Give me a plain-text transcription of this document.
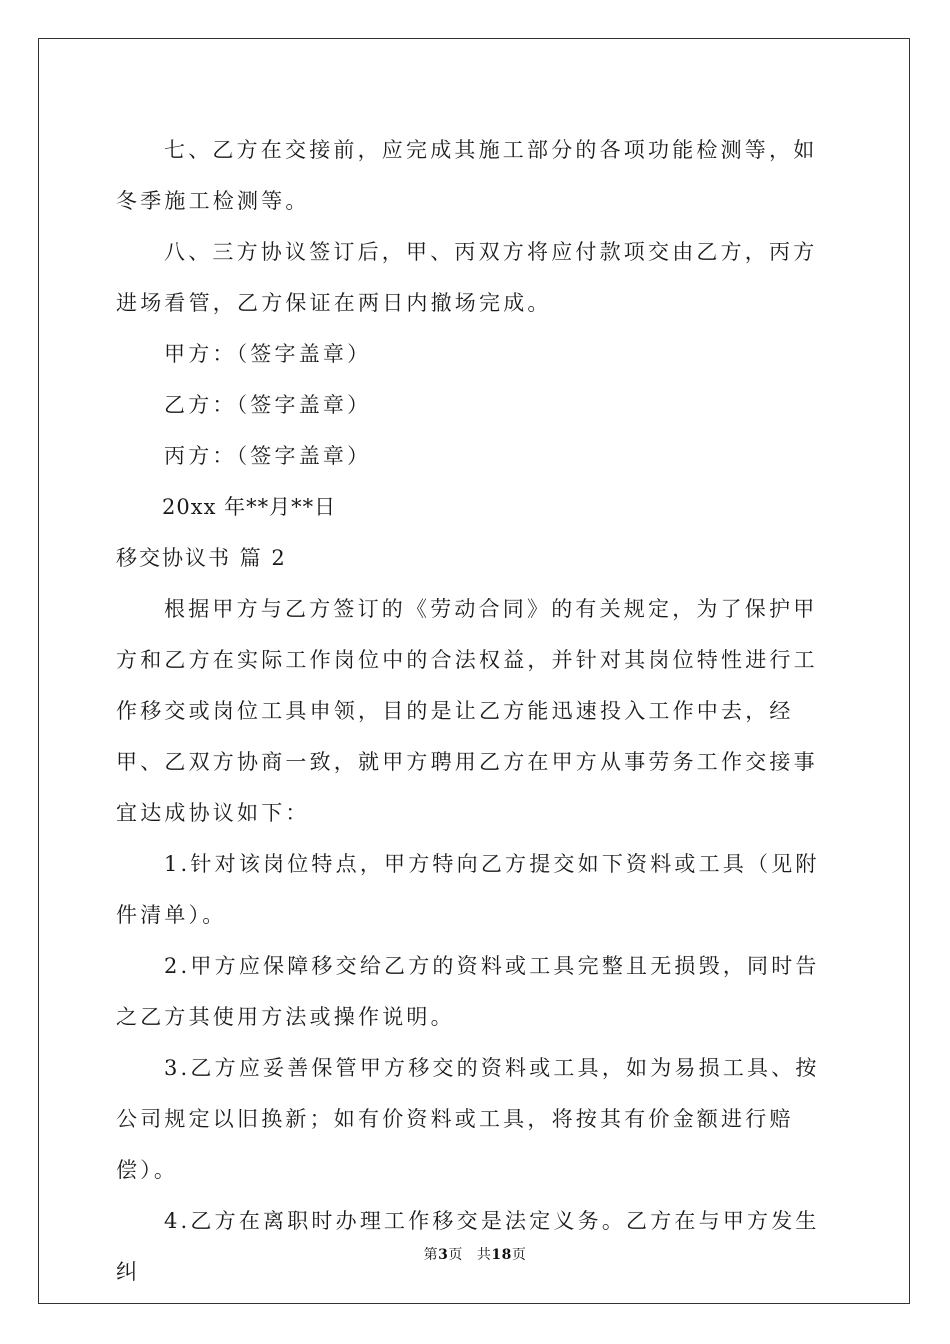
七、乙方在交接前，应完成其施工部分的各项功能检测等，如冬季施工检测等。

八、三方协议签订后，甲、丙双方将应付款项交由乙方，丙方进场看管，乙方保证在两日内撤场完成。

甲方：（签字盖章）

乙方：（签字盖章）

丙方：（签字盖章）

20xx 年**月**日

移交协议书 篇 2

根据甲方与乙方签订的《劳动合同》的有关规定，为了保护甲方和乙方在实际工作岗位中的合法权益，并针对其岗位特性进行工作移交或岗位工具申领，目的是让乙方能迅速投入工作中去，经甲、乙双方协商一致，就甲方聘用乙方在甲方从事劳务工作交接事宜达成协议如下：

1.针对该岗位特点，甲方特向乙方提交如下资料或工具（见附件清单）。

2.甲方应保障移交给乙方的资料或工具完整且无损毁，同时告之乙方其使用方法或操作说明。

3.乙方应妥善保管甲方移交的资料或工具，如为易损工具、按公司规定以旧换新；如有价资料或工具，将按其有价金额进行赔偿）。

4.乙方在离职时办理工作移交是法定义务。乙方在与甲方发生纠

第3页 共18页
